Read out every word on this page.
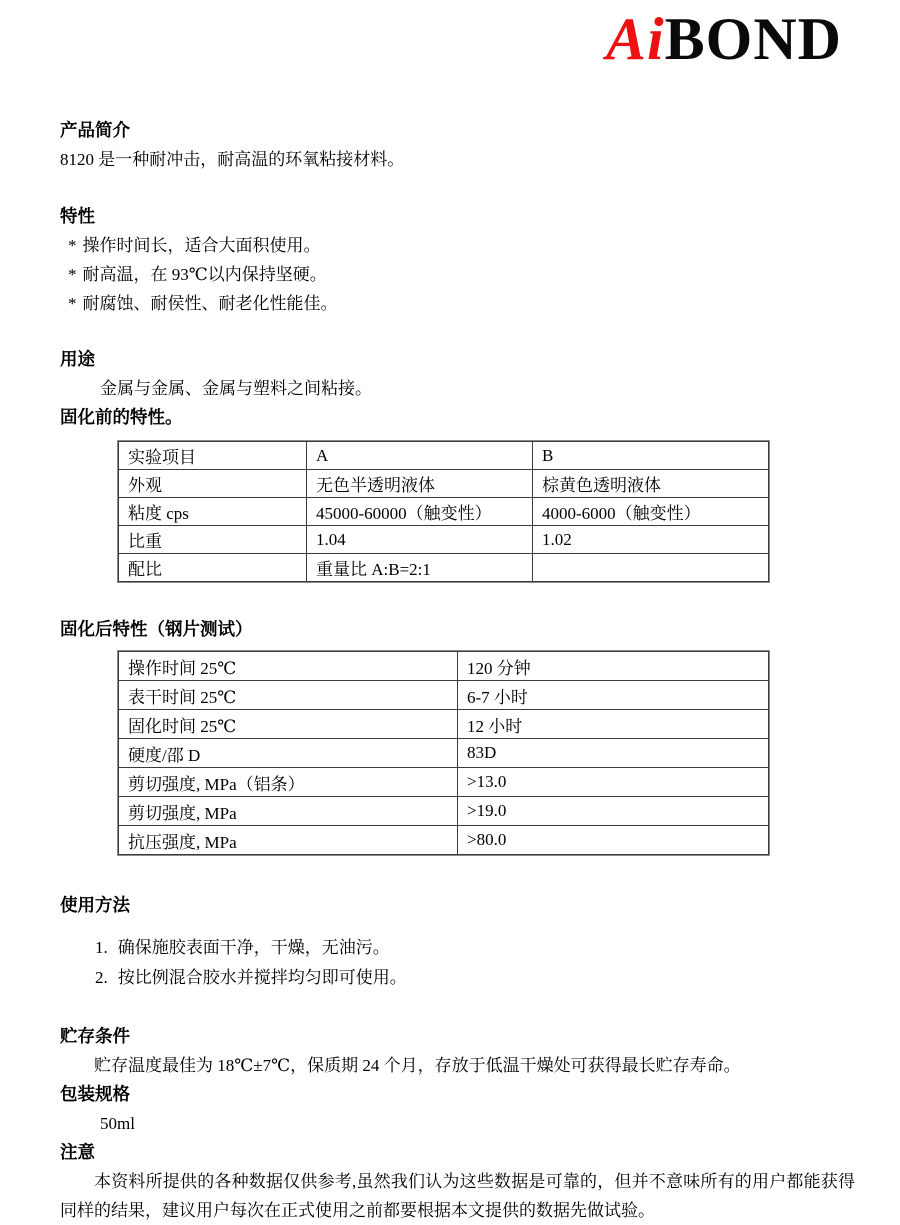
AiBOND
产品简介
8120 是一种耐冲击，耐高温的环氧粘接材料。
特性
* 操作时间长，适合大面积使用。
* 耐高温，在 93℃以内保持坚硬。
* 耐腐蚀、耐侯性、耐老化性能佳。
用途
金属与金属、金属与塑料之间粘接。
固化前的特性。
实验项目	A	B
外观	无色半透明液体	棕黄色透明液体
粘度 cps	45000-60000（触变性）	4000-6000（触变性）
比重	1.04	1.02
配比	重量比 A:B=2:1	
固化后特性（钢片测试）
操作时间 25℃	120 分钟
表干时间 25℃	6-7 小时
固化时间 25℃	12 小时
硬度/邵 D	83D
剪切强度, MPa（铝条）	>13.0
剪切强度, MPa	>19.0
抗压强度, MPa	>80.0
使用方法
1. 确保施胶表面干净，干燥，无油污。
2. 按比例混合胶水并搅拌均匀即可使用。
贮存条件
贮存温度最佳为 18℃±7℃，保质期 24 个月，存放于低温干燥处可获得最长贮存寿命。
包装规格
50ml
注意
本资料所提供的各种数据仅供参考,虽然我们认为这些数据是可靠的，但并不意味所有的用户都能获得同样的结果，建议用户每次在正式使用之前都要根据本文提供的数据先做试验。
